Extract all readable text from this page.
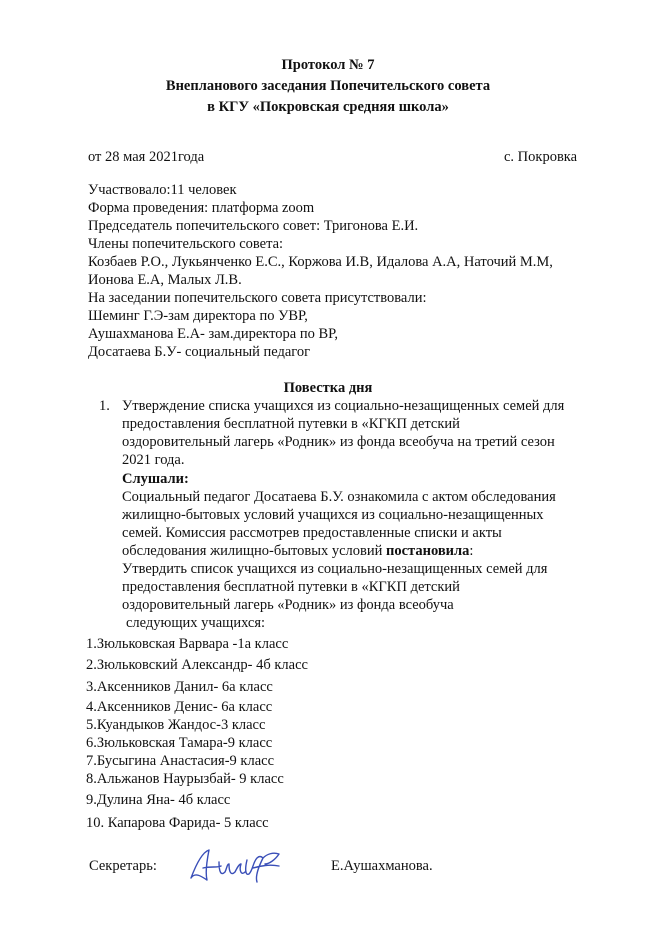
Протокол № 7
Внепланового заседания Попечительского совета
в КГУ «Покровская средняя школа»
от 28 мая 2021года	с. Покровка
Участвовало:11 человек
Форма проведения: платформа zoom
Председатель попечительского совет: Тригонова Е.И.
Члены попечительского совета:
Козбаев Р.О., Лукьянченко Е.С., Коржова И.В, Идалова А.А, Наточий М.М,
Ионова Е.А, Малых Л.В.
На заседании попечительского совета присутствовали:
Шеминг Г.Э-зам директора по УВР,
Аушахманова Е.А- зам.директора по ВР,
Досатаева Б.У- социальный педагог
Повестка дня
1. Утверждение списка учащихся из социально-незащищенных семей для
предоставления бесплатной путевки в «КГКП детский
оздоровительный лагерь «Родник» из фонда всеобуча на третий сезон
2021 года.
Слушали:
Социальный педагог Досатаева Б.У. ознакомила с актом обследования
жилищно-бытовых условий учащихся из социально-незащищенных
семей. Комиссия рассмотрев предоставленные списки и акты
обследования жилищно-бытовых условий постановила:
Утвердить список учащихся из социально-незащищенных семей для
предоставления бесплатной путевки в «КГКП детский
оздоровительный лагерь «Родник» из фонда всеобуча
следующих учащихся:
1.Зюльковская Варвара -1а класс
2.Зюльковский Александр- 4б класс
3.Аксенников Данил- 6а класс
4.Аксенников Денис- 6а класс
5.Куандыков Жандос-3 класс
6.Зюльковская Тамара-9 класс
7.Бусыгина Анастасия-9 класс
8.Альжанов Наурызбай- 9 класс
9.Дулина Яна- 4б класс
10. Капарова Фарида- 5 класс
Секретарь:	Е.Аушахманова.
